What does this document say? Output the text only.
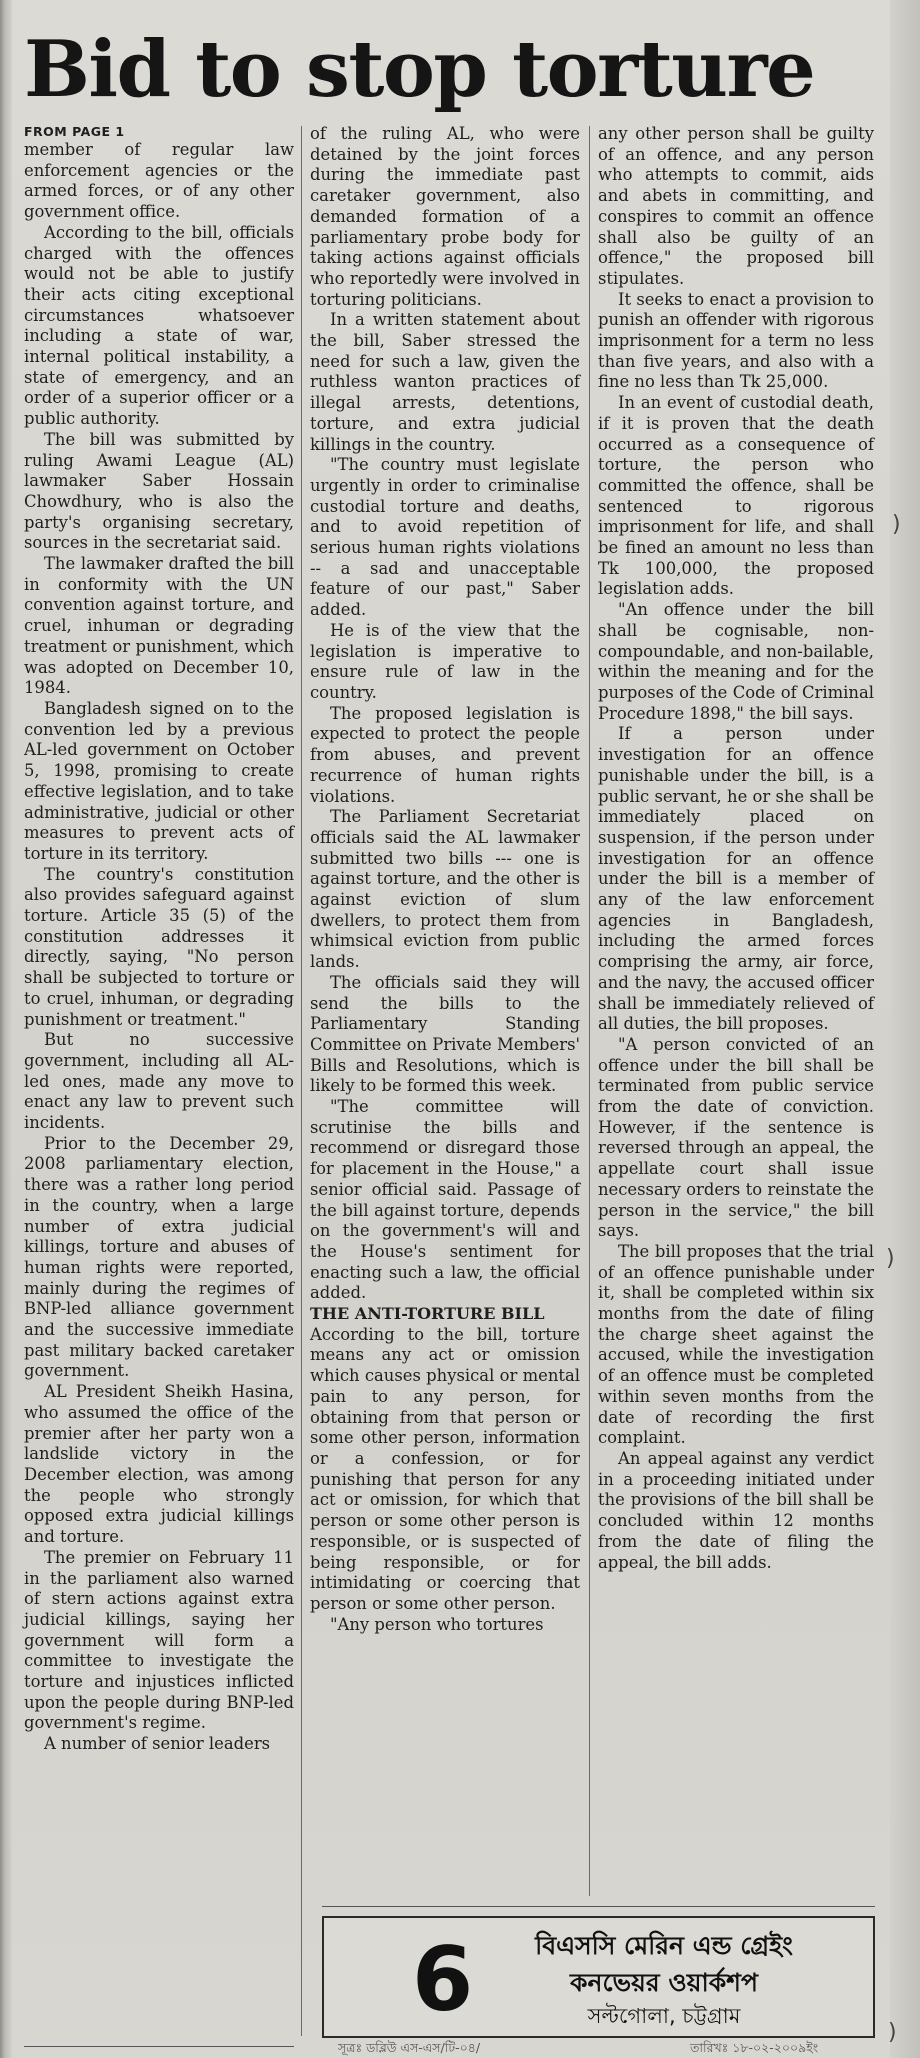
Bid to stop torture
FROM PAGE 1

member of regular law enforcement agencies or the armed forces, or of any other government office.

According to the bill, officials charged with the offences would not be able to justify their acts citing exceptional circumstances whatsoever including a state of war, internal political instability, a state of emergency, and an order of a superior officer or a public authority.

The bill was submitted by ruling Awami League (AL) lawmaker Saber Hossain Chowdhury, who is also the party's organising secretary, sources in the secretariat said.

The lawmaker drafted the bill in conformity with the UN convention against torture, and cruel, inhuman or degrading treatment or punishment, which was adopted on December 10, 1984.

Bangladesh signed on to the convention led by a previous AL-led government on October 5, 1998, promising to create effective legislation, and to take administrative, judicial or other measures to prevent acts of torture in its territory.

The country's constitution also provides safeguard against torture. Article 35 (5) of the constitution addresses it directly, saying, "No person shall be subjected to torture or to cruel, inhuman, or degrading punishment or treatment."

But no successive government, including all AL-led ones, made any move to enact any law to prevent such incidents.

Prior to the December 29, 2008 parliamentary election, there was a rather long period in the country, when a large number of extra judicial killings, torture and abuses of human rights were reported, mainly during the regimes of BNP-led alliance government and the successive immediate past military backed caretaker government.

AL President Sheikh Hasina, who assumed the office of the premier after her party won a landslide victory in the December election, was among the people who strongly opposed extra judicial killings and torture.

The premier on February 11 in the parliament also warned of stern actions against extra judicial killings, saying her government will form a committee to investigate the torture and injustices inflicted upon the people during BNP-led government's regime.

A number of senior leaders

of the ruling AL, who were detained by the joint forces during the immediate past caretaker government, also demanded formation of a parliamentary probe body for taking actions against officials who reportedly were involved in torturing politicians.

In a written statement about the bill, Saber stressed the need for such a law, given the ruthless wanton practices of illegal arrests, detentions, torture, and extra judicial killings in the country.

"The country must legislate urgently in order to criminalise custodial torture and deaths, and to avoid repetition of serious human rights violations -- a sad and unacceptable feature of our past," Saber added.

He is of the view that the legislation is imperative to ensure rule of law in the country.

The proposed legislation is expected to protect the people from abuses, and prevent recurrence of human rights violations.

The Parliament Secretariat officials said the AL lawmaker submitted two bills --- one is against torture, and the other is against eviction of slum dwellers, to protect them from whimsical eviction from public lands.

The officials said they will send the bills to the Parliamentary Standing Committee on Private Members' Bills and Resolutions, which is likely to be formed this week.

"The committee will scrutinise the bills and recommend or disregard those for placement in the House," a senior official said. Passage of the bill against torture, depends on the government's will and the House's sentiment for enacting such a law, the official added.

THE ANTI-TORTURE BILL

According to the bill, torture means any act or omission which causes physical or mental pain to any person, for obtaining from that person or some other person, information or a confession, or for punishing that person for any act or omission, for which that person or some other person is responsible, or is suspected of being responsible, or for intimidating or coercing that person or some other person.

"Any person who tortures

any other person shall be guilty of an offence, and any person who attempts to commit, aids and abets in committing, and conspires to commit an offence shall also be guilty of an offence," the proposed bill stipulates.

It seeks to enact a provision to punish an offender with rigorous imprisonment for a term no less than five years, and also with a fine no less than Tk 25,000.

In an event of custodial death, if it is proven that the death occurred as a consequence of torture, the person who committed the offence, shall be sentenced to rigorous imprisonment for life, and shall be fined an amount no less than Tk 100,000, the proposed legislation adds.

"An offence under the bill shall be cognisable, non-compoundable, and non-bailable, within the meaning and for the purposes of the Code of Criminal Procedure 1898," the bill says.

If a person under investigation for an offence punishable under the bill, is a public servant, he or she shall be immediately placed on suspension, if the person under investigation for an offence under the bill is a member of any of the law enforcement agencies in Bangladesh, including the armed forces comprising the army, air force, and the navy, the accused officer shall be immediately relieved of all duties, the bill proposes.

"A person convicted of an offence under the bill shall be terminated from public service from the date of conviction. However, if the sentence is reversed through an appeal, the appellate court shall issue necessary orders to reinstate the person in the service," the bill says.

The bill proposes that the trial of an offence punishable under it, shall be completed within six months from the date of filing the charge sheet against the accused, while the investigation of an offence must be completed within seven months from the date of recording the first complaint.

An appeal against any verdict in a proceeding initiated under the provisions of the bill shall be concluded within 12 months from the date of filing the appeal, the bill adds.

6	বিএসসি মেরিন এন্ড গ্রেইং
কনভেয়র ওয়ার্কশপ
সল্টগোলা, চট্টগ্রাম
সূত্রঃ ডব্লিউ এস-এস/টি-০৪/	তারিখঃ ১৮-০২-২০০৯ইং
)
)
)
